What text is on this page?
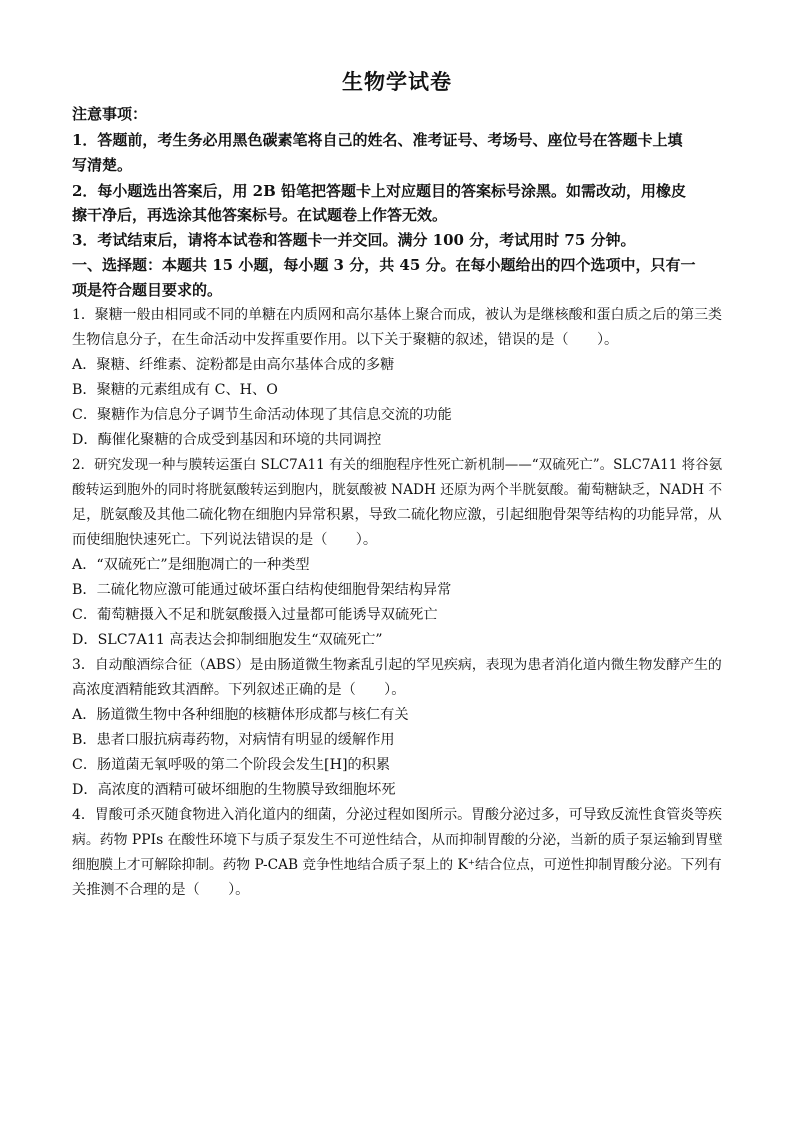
生物学试卷
注意事项：
1．答题前，考生务必用黑色碳素笔将自己的姓名、准考证号、考场号、座位号在答题卡上填
写清楚。
2．每小题选出答案后，用 2B 铅笔把答题卡上对应题目的答案标号涂黑。如需改动，用橡皮
擦干净后，再选涂其他答案标号。在试题卷上作答无效。
3．考试结束后，请将本试卷和答题卡一并交回。满分 100 分，考试用时 75 分钟。
一、选择题：本题共 15 小题，每小题 3 分，共 45 分。在每小题给出的四个选项中，只有一
项是符合题目要求的。
1．聚糖一般由相同或不同的单糖在内质网和高尔基体上聚合而成，被认为是继核酸和蛋白质之后的第三类
生物信息分子，在生命活动中发挥重要作用。以下关于聚糖的叙述，错误的是（　　）。
A．聚糖、纤维素、淀粉都是由高尔基体合成的多糖
B．聚糖的元素组成有 C、H、O
C．聚糖作为信息分子调节生命活动体现了其信息交流的功能
D．酶催化聚糖的合成受到基因和环境的共同调控
2．研究发现一种与膜转运蛋白 SLC7A11 有关的细胞程序性死亡新机制——“双硫死亡”。SLC7A11 将谷氨
酸转运到胞外的同时将胱氨酸转运到胞内，胱氨酸被 NADH 还原为两个半胱氨酸。葡萄糖缺乏，NADH 不
足，胱氨酸及其他二硫化物在细胞内异常积累，导致二硫化物应激，引起细胞骨架等结构的功能异常，从
而使细胞快速死亡。下列说法错误的是（　　）。
A．“双硫死亡”是细胞凋亡的一种类型
B．二硫化物应激可能通过破坏蛋白结构使细胞骨架结构异常
C．葡萄糖摄入不足和胱氨酸摄入过量都可能诱导双硫死亡
D．SLC7A11 高表达会抑制细胞发生“双硫死亡”
3．自动酿酒综合征（ABS）是由肠道微生物紊乱引起的罕见疾病，表现为患者消化道内微生物发酵产生的
高浓度酒精能致其酒醉。下列叙述正确的是（　　）。
A．肠道微生物中各种细胞的核糖体形成都与核仁有关
B．患者口服抗病毒药物，对病情有明显的缓解作用
C．肠道菌无氧呼吸的第二个阶段会发生[H]的积累
D．高浓度的酒精可破坏细胞的生物膜导致细胞坏死
4．胃酸可杀灭随食物进入消化道内的细菌，分泌过程如图所示。胃酸分泌过多，可导致反流性食管炎等疾
病。药物 PPIs 在酸性环境下与质子泵发生不可逆性结合，从而抑制胃酸的分泌，当新的质子泵运输到胃壁
细胞膜上才可解除抑制。药物 P-CAB 竞争性地结合质子泵上的 K⁺结合位点，可逆性抑制胃酸分泌。下列有
关推测不合理的是（　　）。
